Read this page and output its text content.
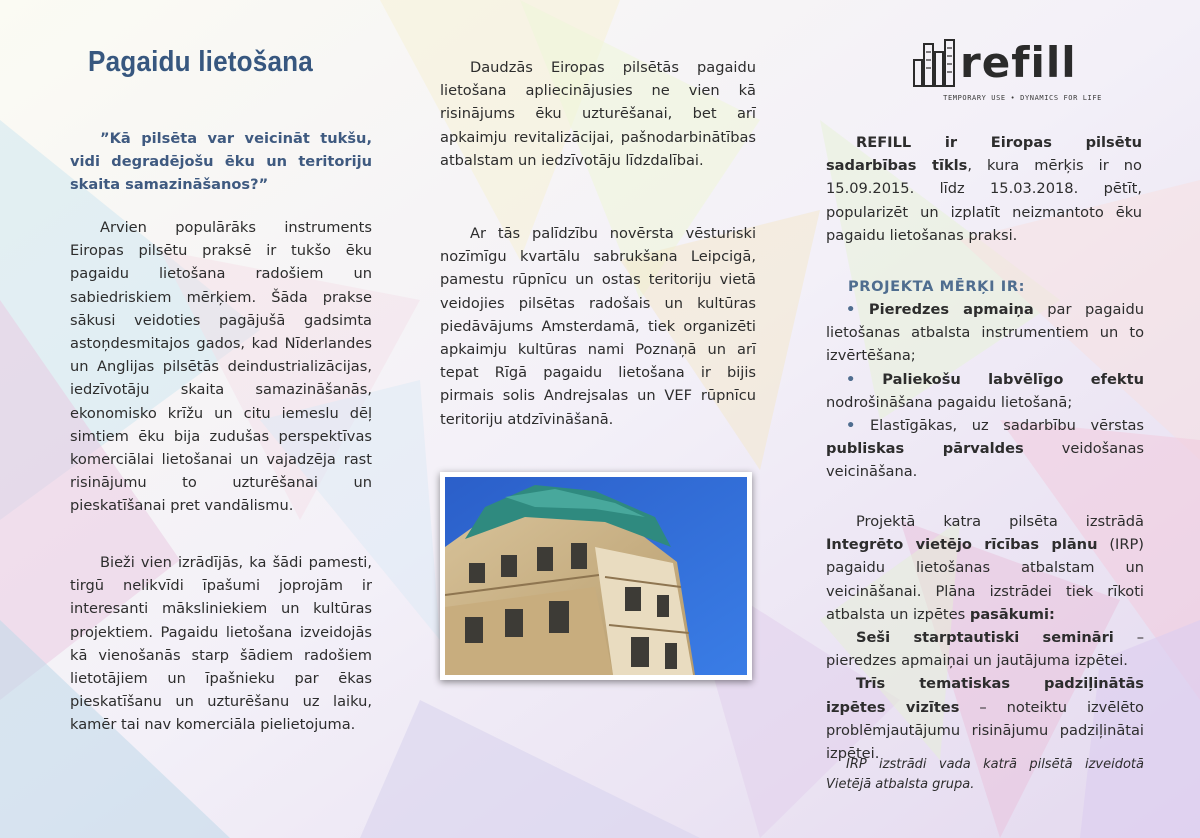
Pagaidu lietošana

”Kā pilsēta var veicināt tukšu, vidi degradējošu ēku un teritoriju skaita samazināšanos?”

Arvien populārāks instruments Eiropas pilsētu praksē ir tukšo ēku pagaidu lietošana radošiem un sabiedriskiem mērķiem. Šāda prakse sākusi veidoties pagājušā gadsimta astoņdesmitajos gados, kad Nīderlandes un Anglijas pilsētās deindustrializācijas, iedzīvotāju skaita samazināšanās, ekonomisko krīžu un citu iemeslu dēļ simtiem ēku bija zudušas perspektīvas komerciālai lietošanai un vajadzēja rast risinājumu to uzturēšanai un pieskatīšanai pret vandālismu.

Bieži vien izrādījās, ka šādi pamesti, tirgū nelikvīdi īpašumi joprojām ir interesanti māksliniekiem un kultūras projektiem. Pagaidu lietošana izveidojās kā vienošanās starp šādiem radošiem lietotājiem un īpašnieku par ēkas pieskatīšanu un uzturēšanu uz laiku, kamēr tai nav komerciāla pielietojuma.

Daudzās Eiropas pilsētās pagaidu lietošana apliecinājusies ne vien kā risinājums ēku uzturēšanai, bet arī apkaimju revitalizācijai, pašnodarbinātības atbalstam un iedzīvotāju līdzdalībai.

Ar tās palīdzību novērsta vēsturiski nozīmīgu kvartālu sabrukšana Leipcigā, pamestu rūpnīcu un ostas teritoriju vietā veidojies pilsētas radošais un kultūras piedāvājums Amsterdamā, tiek organizēti apkaimju kultūras nami Poznaņā un arī tepat Rīgā pagaidu lietošana ir bijis pirmais solis Andrejsalas un VEF rūpnīcu teritoriju atdzīvināšanā.

refill
TEMPORARY USE • DYNAMICS FOR LIFE

REFILL ir Eiropas pilsētu sadarbības tīkls, kura mērķis ir no 15.09.2015. līdz 15.03.2018. pētīt, popularizēt un izplatīt neizmantoto ēku pagaidu lietošanas praksi.

PROJEKTA MĒRĶI IR:

• Pieredzes apmaiņa par pagaidu lietošanas atbalsta instrumentiem un to izvērtēšana;

• Paliekošu labvēlīgo efektu nodrošināšana pagaidu lietošanā;

• Elastīgākas, uz sadarbību vērstas publiskas pārvaldes veidošanas veicināšana.

Projektā katra pilsēta izstrādā Integrēto vietējo rīcības plānu (IRP) pagaidu lietošanas atbalstam un veicināšanai. Plāna izstrādei tiek rīkoti atbalsta un izpētes pasākumi:

Seši starptautiski semināri – pieredzes apmaiņai un jautājuma izpētei.

Trīs tematiskas padziļinātās izpētes vizītes – noteiktu izvēlēto problēmjautājumu risinājumu padziļinātai izpētei.

IRP izstrādi vada katrā pilsētā izveidotā Vietējā atbalsta grupa.
